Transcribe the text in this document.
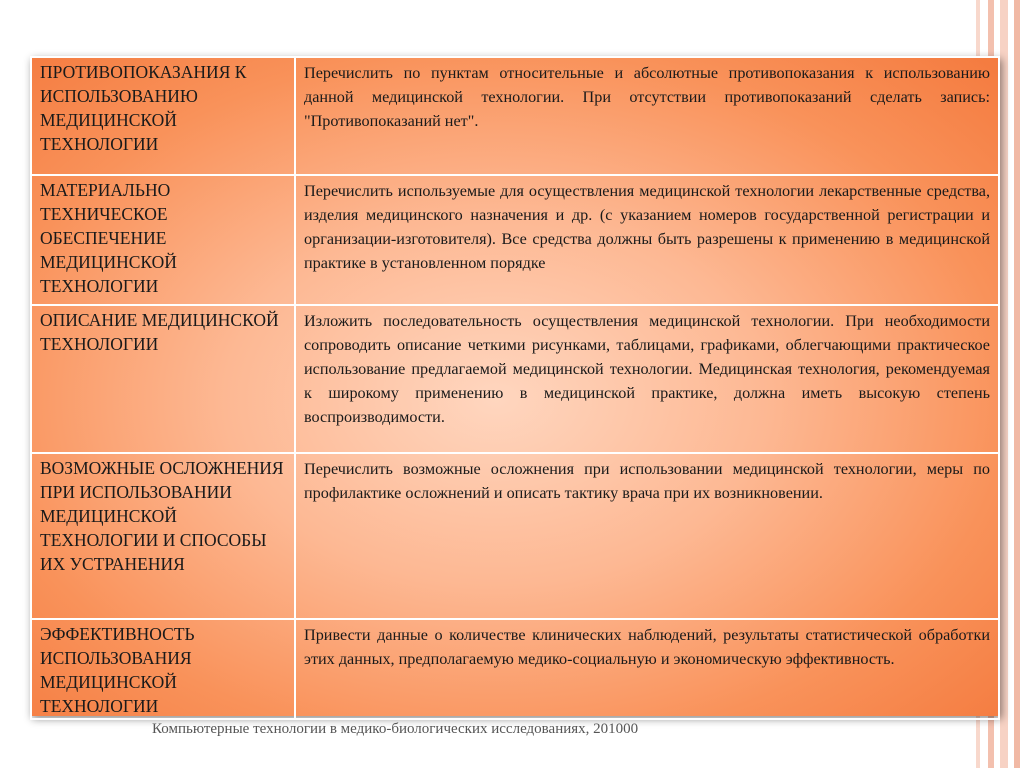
ПРОТИВОПОКАЗАНИЯ К ИСПОЛЬЗОВАНИЮ МЕДИЦИНСКОЙ ТЕХНОЛОГИИ	Перечислить по пунктам относительные и абсолютные противопоказания к использованию данной медицинской технологии. При отсутствии противопоказаний сделать запись: "Противопоказаний нет".
МАТЕРИАЛЬНО ТЕХНИЧЕСКОЕ ОБЕСПЕЧЕНИЕ МЕДИЦИНСКОЙ ТЕХНОЛОГИИ	Перечислить используемые для осуществления медицинской технологии лекарственные средства, изделия медицинского назначения и др. (с указанием номеров государственной регистрации и организации-изготовителя). Все средства должны быть разрешены к применению в медицинской практике в установленном порядке
ОПИСАНИЕ МЕДИЦИНСКОЙ ТЕХНОЛОГИИ	Изложить последовательность осуществления медицинской технологии. При необходимости сопроводить описание четкими рисунками, таблицами, графиками, облегчающими практическое использование предлагаемой медицинской технологии. Медицинская технология, рекомендуемая к широкому применению в медицинской практике, должна иметь высокую степень воспроизводимости.
ВОЗМОЖНЫЕ ОСЛОЖНЕНИЯ ПРИ ИСПОЛЬЗОВАНИИ МЕДИЦИНСКОЙ ТЕХНОЛОГИИ И СПОСОБЫ ИХ УСТРАНЕНИЯ	Перечислить возможные осложнения при использовании медицинской технологии, меры по профилактике осложнений и описать тактику врача при их возникновении.
ЭФФЕКТИВНОСТЬ ИСПОЛЬЗОВАНИЯ МЕДИЦИНСКОЙ ТЕХНОЛОГИИ	Привести данные о количестве клинических наблюдений, результаты статистической обработки этих данных, предполагаемую медико-социальную и экономическую эффективность.
Компьютерные технологии в медико-биологических исследованиях, 201000
